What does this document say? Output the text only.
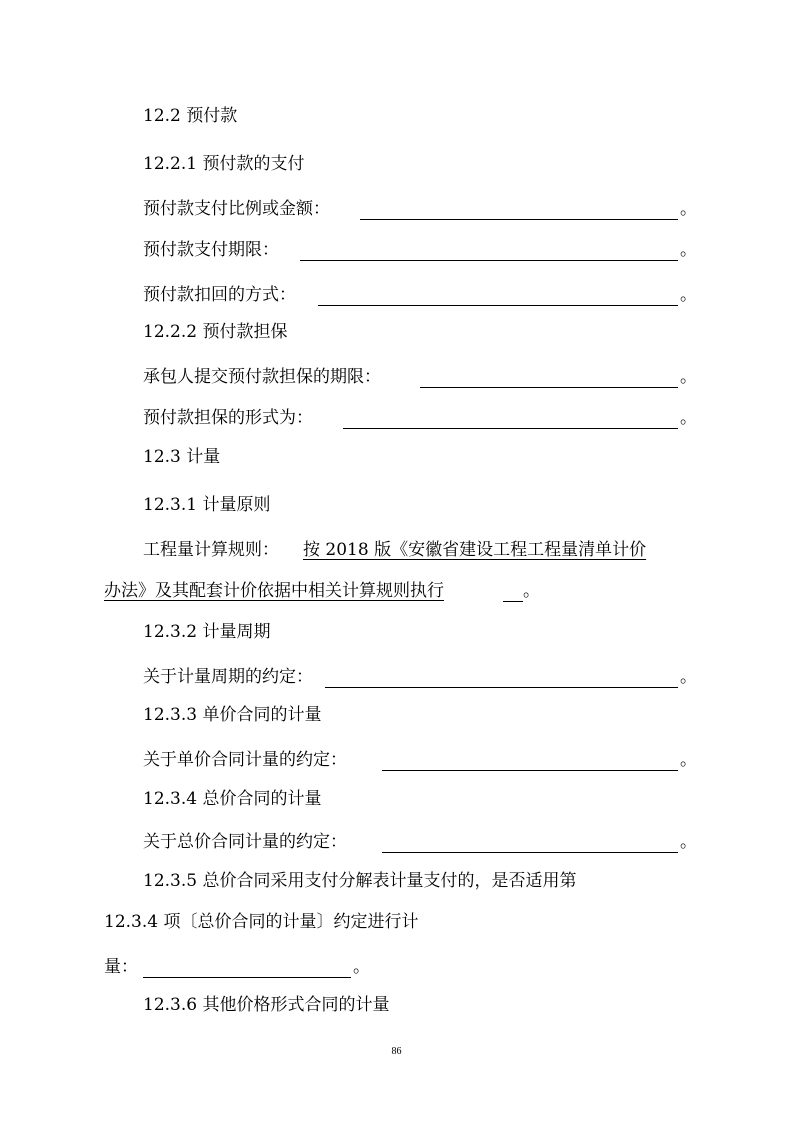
12.2 预付款
12.2.1 预付款的支付
预付款支付比例或金额：	。
预付款支付期限：	。
预付款扣回的方式：	。
12.2.2 预付款担保
承包人提交预付款担保的期限：	。
预付款担保的形式为：	。
12.3 计量
12.3.1 计量原则
工程量计算规则： 按 2018 版《安徽省建设工程工程量清单计价
办法》及其配套计价依据中相关计算规则执行	。
12.3.2 计量周期
关于计量周期的约定：	。
12.3.3 单价合同的计量
关于单价合同计量的约定：	。
12.3.4 总价合同的计量
关于总价合同计量的约定：	。
12.3.5 总价合同采用支付分解表计量支付的，是否适用第
12.3.4 项〔总价合同的计量〕约定进行计
量：	。
12.3.6 其他价格形式合同的计量
86
